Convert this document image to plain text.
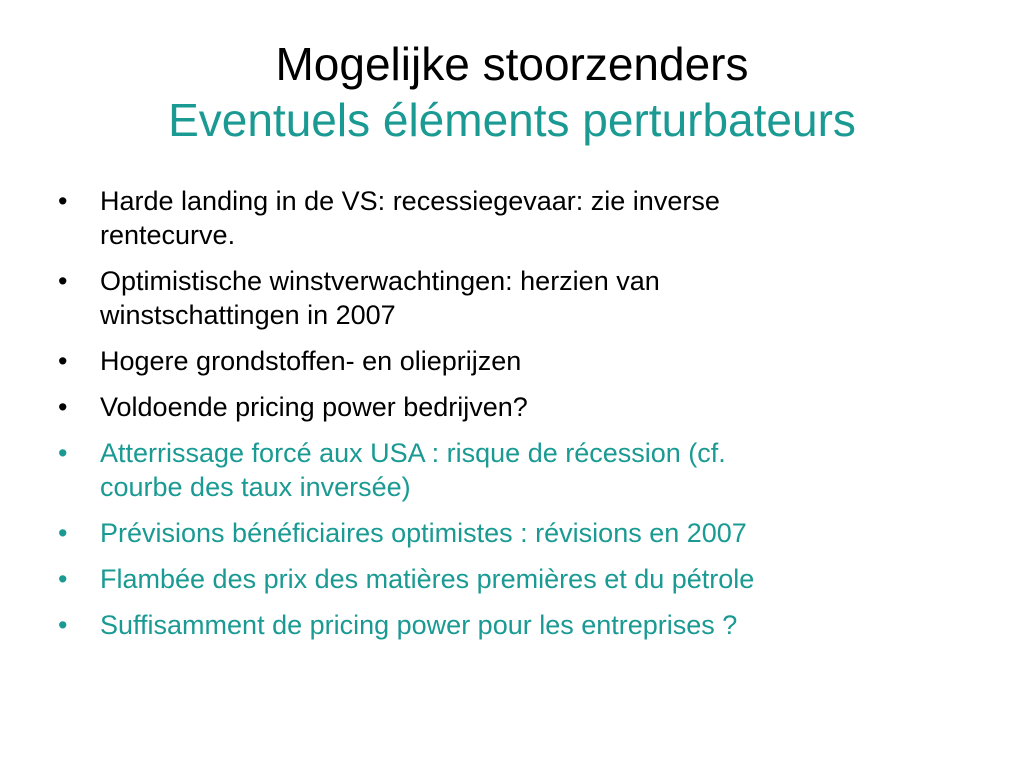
Mogelijke stoorzenders
Eventuels éléments perturbateurs
•	Harde landing in de VS: recessiegevaar: zie inverse
rentecurve.
•	Optimistische winstverwachtingen: herzien van
winstschattingen in 2007
•	Hogere grondstoffen- en olieprijzen
•	Voldoende pricing power bedrijven?
•	Atterrissage forcé aux USA : risque de récession (cf.
courbe des taux inversée)
•	Prévisions bénéficiaires optimistes : révisions en 2007
•	Flambée des prix des matières premières et du pétrole
•	Suffisamment de pricing power pour les entreprises ?
